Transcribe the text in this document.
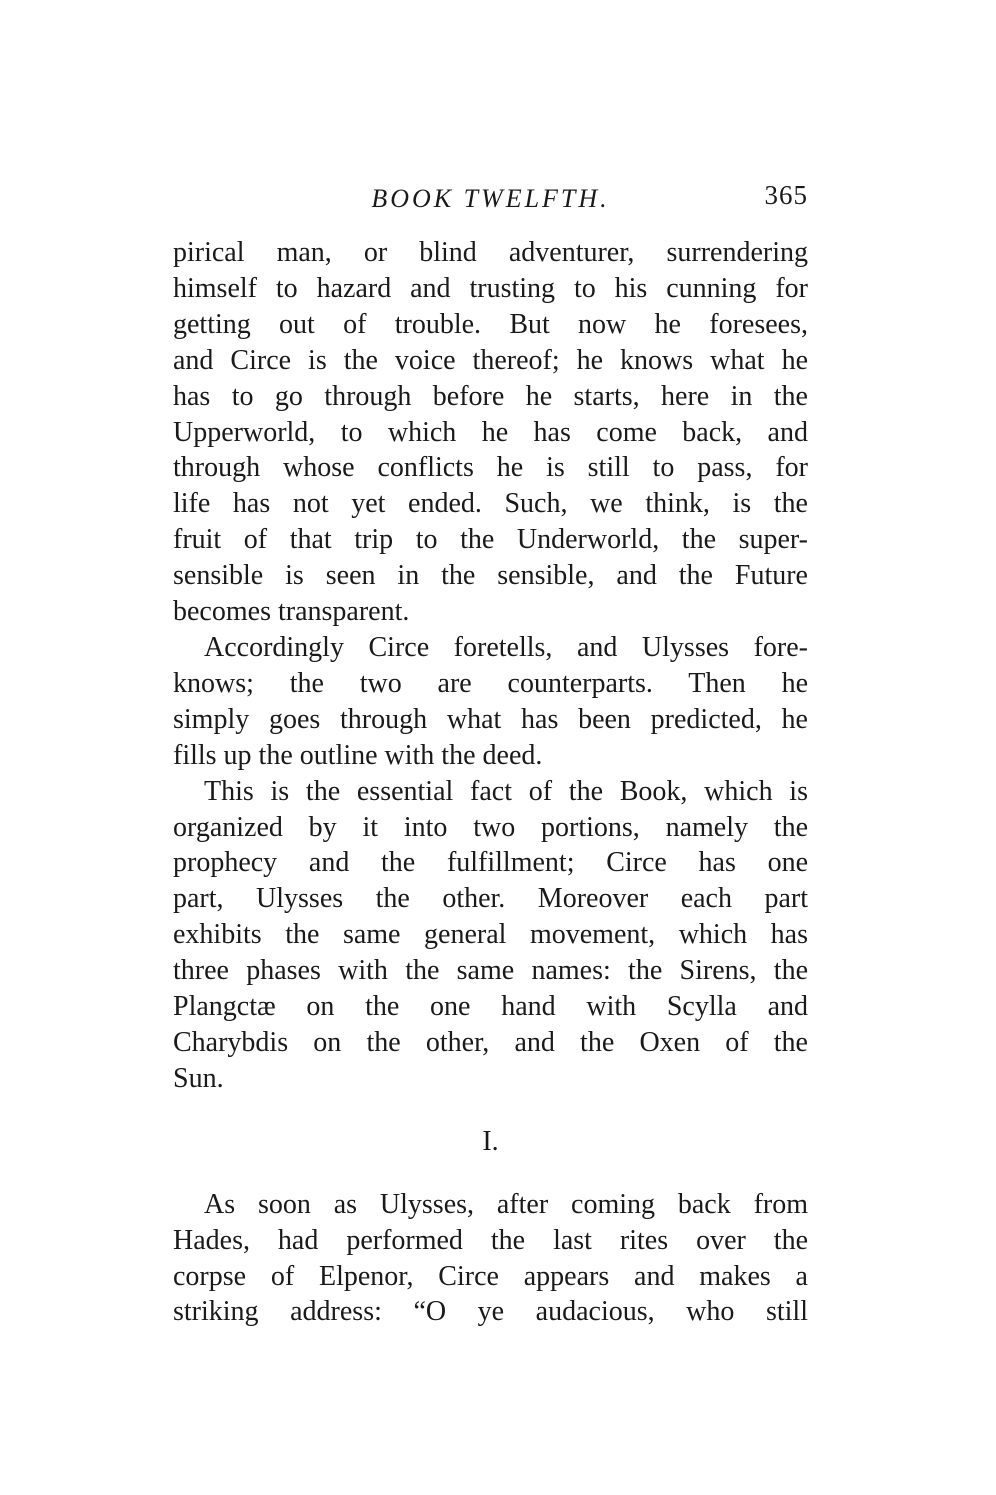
BOOK TWELFTH.	365

pirical man, or blind adventurer, surrendering

himself to hazard and trusting to his cunning for

getting out of trouble. But now he foresees,

and Circe is the voice thereof; he knows what he

has to go through before he starts, here in the

Upperworld, to which he has come back, and

through whose conflicts he is still to pass, for

life has not yet ended. Such, we think, is the

fruit of that trip to the Underworld, the super-

sensible is seen in the sensible, and the Future

becomes transparent.

Accordingly Circe foretells, and Ulysses fore-

knows; the two are counterparts. Then he

simply goes through what has been predicted, he

fills up the outline with the deed.

This is the essential fact of the Book, which is

organized by it into two portions, namely the

prophecy and the fulfillment; Circe has one

part, Ulysses the other. Moreover each part

exhibits the same general movement, which has

three phases with the same names: the Sirens, the

Plangctæ on the one hand with Scylla and

Charybdis on the other, and the Oxen of the

Sun.

I.

As soon as Ulysses, after coming back from

Hades, had performed the last rites over the

corpse of Elpenor, Circe appears and makes a

striking address: “O ye audacious, who still
